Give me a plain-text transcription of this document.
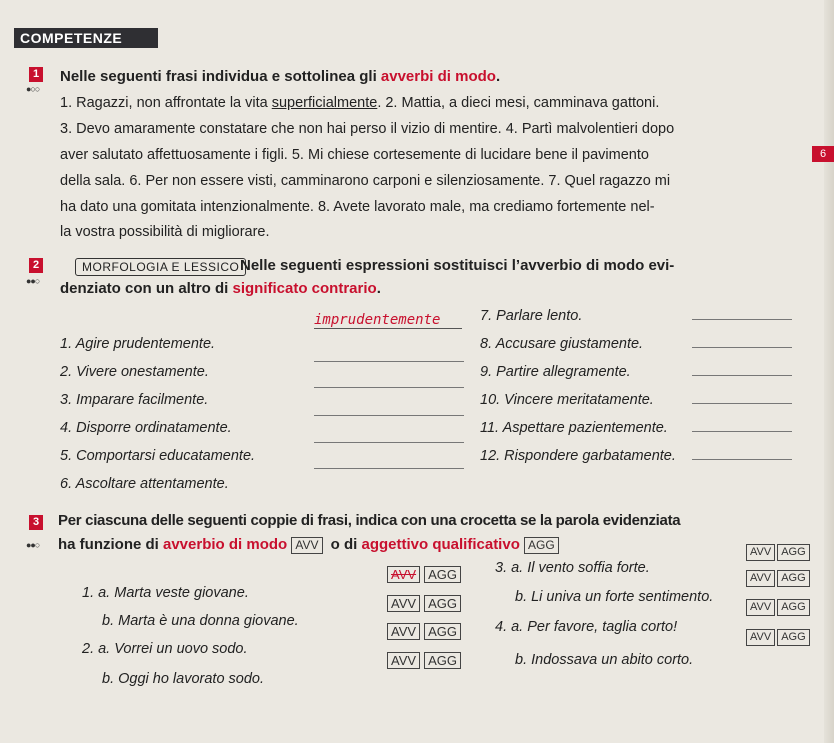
COMPETENZE
1
●○○
Nelle seguenti frasi individua e sottolinea gli avverbi di modo.
1. Ragazzi, non affrontate la vita superficialmente. 2. Mattia, a dieci mesi, camminava gattoni.
3. Devo amaramente constatare che non hai perso il vizio di mentire. 4. Partì malvolentieri dopo
aver salutato affettuosamente i figli. 5. Mi chiese cortesemente di lucidare bene il pavimento
della sala. 6. Per non essere visti, camminarono carponi e silenziosamente. 7. Quel ragazzo mi
ha dato una gomitata intenzionalmente. 8. Avete lavorato male, ma crediamo fortemente nel-
la vostra possibilità di migliorare.
6
2
●●○
MORFOLOGIA E LESSICO Nelle seguenti espressioni sostituisci l’avverbio di modo evi-
denziato con un altro di significato contrario.
1. Agire prudentemente.
2. Vivere onestamente.
3. Imparare facilmente.
4. Disporre ordinatamente.
5. Comportarsi educatamente.
6. Ascoltare attentamente.
imprudentemente	7. Parlare lento.
8. Accusare giustamente.
9. Partire allegramente.
10. Vincere meritatamente.
11. Aspettare pazientemente.
12. Rispondere garbatamente.
3
●●○
Per ciascuna delle seguenti coppie di frasi, indica con una crocetta se la parola evidenziata
ha funzione di avverbio di modo AVV o di aggettivo qualificativo AGG
1. a. Marta veste giovane.
b. Marta è una donna giovane.
2. a. Vorrei un uovo sodo.
b. Oggi ho lavorato sodo.
AVV AGG
AVV AGG
AVV AGG
AVV AGG
3. a. Il vento soffia forte.
b. Li univa un forte sentimento.
4. a. Per favore, taglia corto!
b. Indossava un abito corto.
AVV AGG
AVV AGG
AVV AGG
AVV AGG
